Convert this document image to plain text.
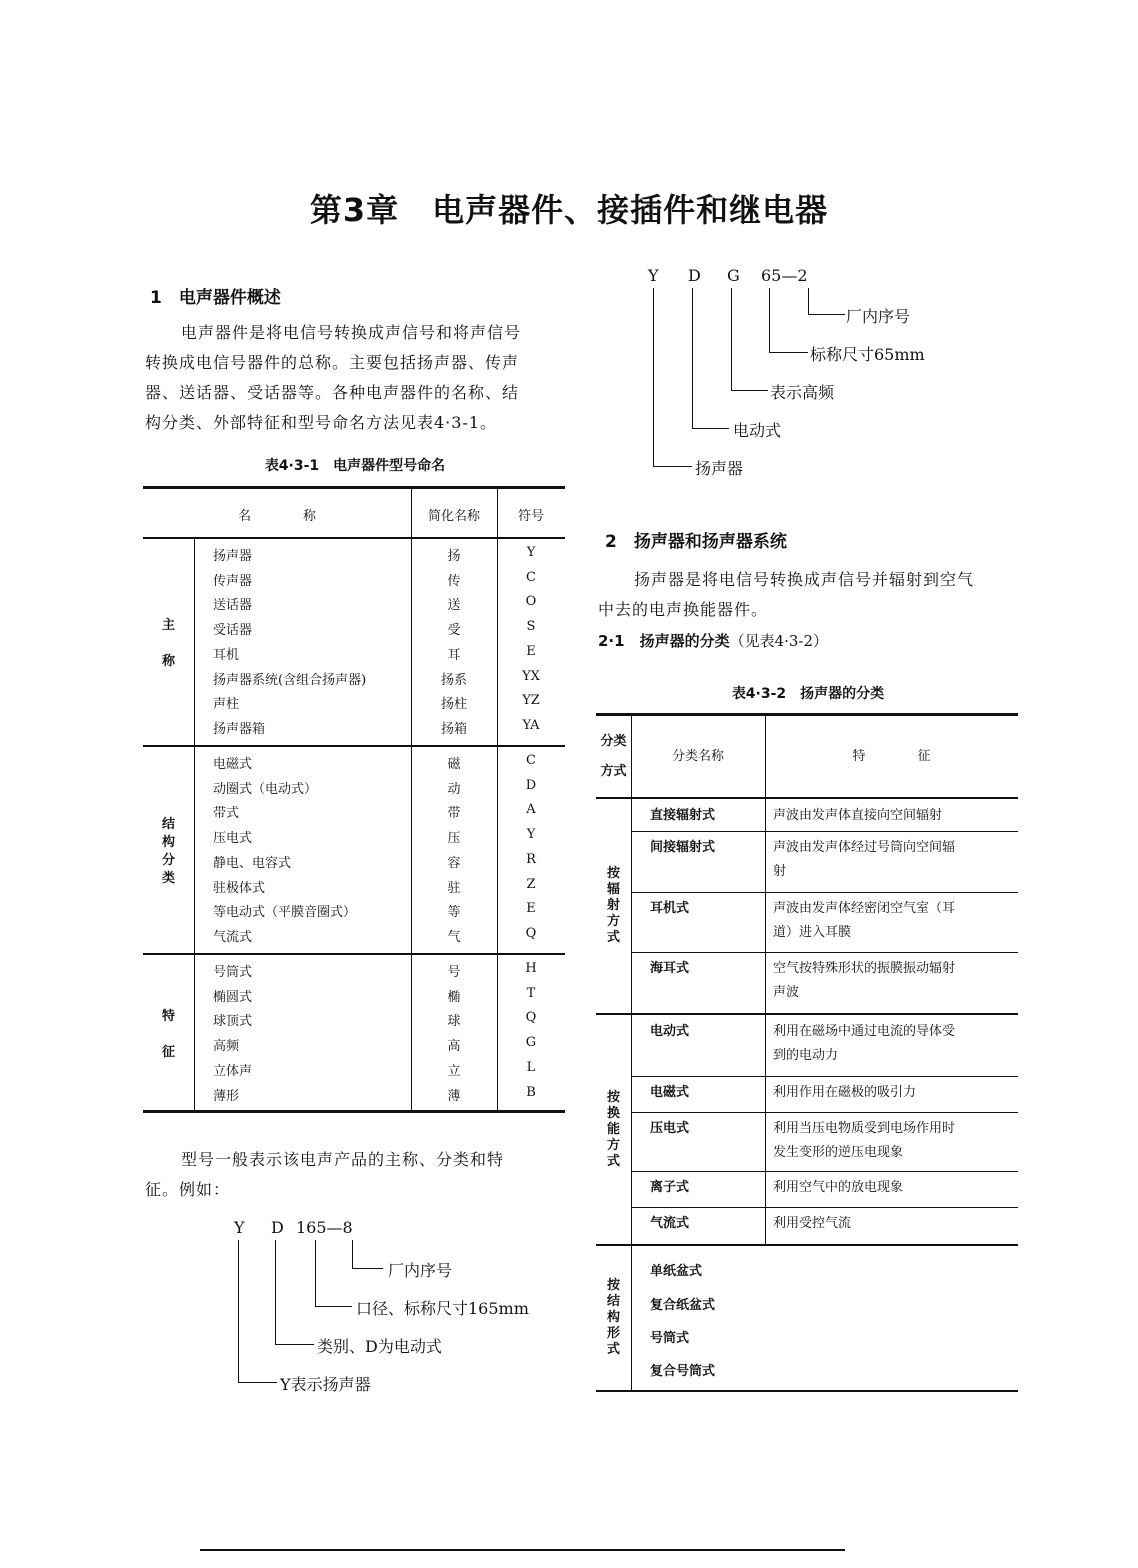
第3章　电声器件、接插件和继电器
1　电声器件概述
电声器件是将电信号转换成声信号和将声信号
转换成电信号器件的总称。主要包括扬声器、传声
器、送话器、受话器等。各种电声器件的名称、结
构分类、外部特征和型号命名方法见表4·3-1。
表4·3-1　电声器件型号命名
名　　　　称	简化名称	符号
主

称
扬声器	扬	Y
传声器	传	C
送话器	送	O
受话器	受	S
耳机	耳	E
扬声器系统(含组合扬声器)	扬系	YX
声柱	扬柱	YZ
扬声器箱	扬箱	YA
结
构
分
类
电磁式	磁	C
动圈式（电动式）	动	D
带式	带	A
压电式	压	Y
静电、电容式	容	R
驻极体式	驻	Z
等电动式（平膜音圈式）	等	E
气流式	气	Q
特

征
号筒式	号	H
椭圆式	椭	T
球顶式	球	Q
高频	高	G
立体声	立	L
薄形	薄	B
型号一般表示该电声产品的主称、分类和特
征。例如：
Y D 165—8
厂内序号
口径、标称尺寸165mm
类别、D为电动式
Y表示扬声器
Y D G 65—2
厂内序号
标称尺寸65mm
表示高频
电动式
扬声器
2　扬声器和扬声器系统
扬声器是将电信号转换成声信号并辐射到空气
中去的电声换能器件。
2·1　扬声器的分类（见表4·3-2）
表4·3-2　扬声器的分类
分类
方式
分类名称	特　　　　征
按
辐
射
方
式
直接辐射式	声波由发声体直接向空间辐射
间接辐射式	声波由发声体经过号筒向空间辐
射
耳机式	声波由发声体经密闭空气室（耳
道）进入耳膜
海耳式	空气按特殊形状的振膜振动辐射
声波
按
换
能
方
式
电动式	利用在磁场中通过电流的导体受
到的电动力
电磁式	利用作用在磁极的吸引力
压电式	利用当压电物质受到电场作用时
发生变形的逆压电现象
离子式	利用空气中的放电现象
气流式	利用受控气流
按
结
构
形
式
单纸盆式
复合纸盆式
号筒式
复合号筒式
